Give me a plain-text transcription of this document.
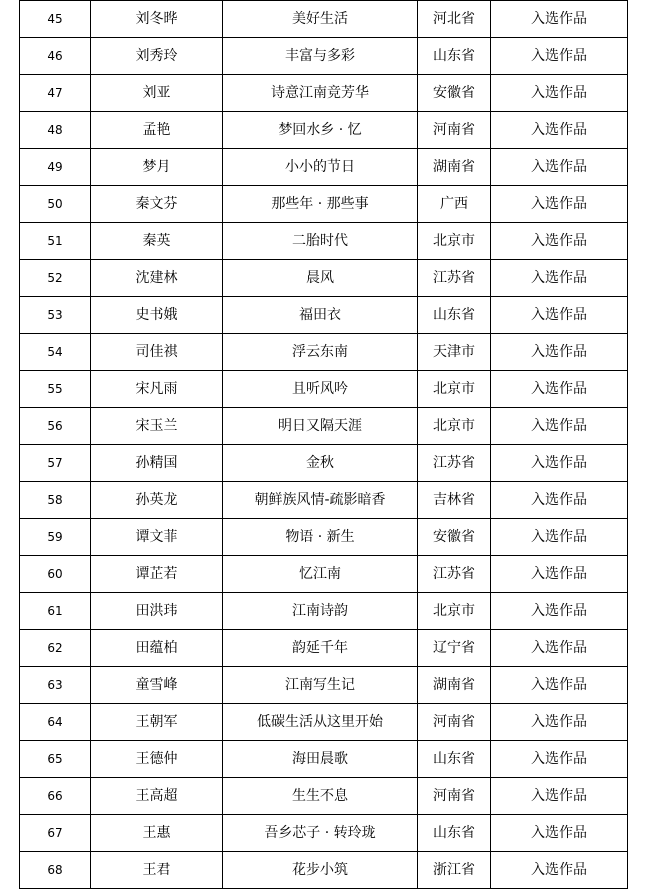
45	刘冬晔	美好生活	河北省	入选作品
46	刘秀玲	丰富与多彩	山东省	入选作品
47	刘亚	诗意江南竞芳华	安徽省	入选作品
48	孟艳	梦回水乡 · 忆	河南省	入选作品
49	梦月	小小的节日	湖南省	入选作品
50	秦文芬	那些年 · 那些事	广西	入选作品
51	秦英	二胎时代	北京市	入选作品
52	沈建林	晨风	江苏省	入选作品
53	史书娥	福田衣	山东省	入选作品
54	司佳祺	浮云东南	天津市	入选作品
55	宋凡雨	且听风吟	北京市	入选作品
56	宋玉兰	明日又隔天涯	北京市	入选作品
57	孙精国	金秋	江苏省	入选作品
58	孙英龙	朝鲜族风情-疏影暗香	吉林省	入选作品
59	谭文菲	物语 · 新生	安徽省	入选作品
60	谭芷若	忆江南	江苏省	入选作品
61	田洪玮	江南诗韵	北京市	入选作品
62	田蕴柏	韵延千年	辽宁省	入选作品
63	童雪峰	江南写生记	湖南省	入选作品
64	王朝军	低碳生活从这里开始	河南省	入选作品
65	王德仲	海田晨歌	山东省	入选作品
66	王高超	生生不息	河南省	入选作品
67	王惠	吾乡芯子 · 转玲珑	山东省	入选作品
68	王君	花步小筑	浙江省	入选作品
